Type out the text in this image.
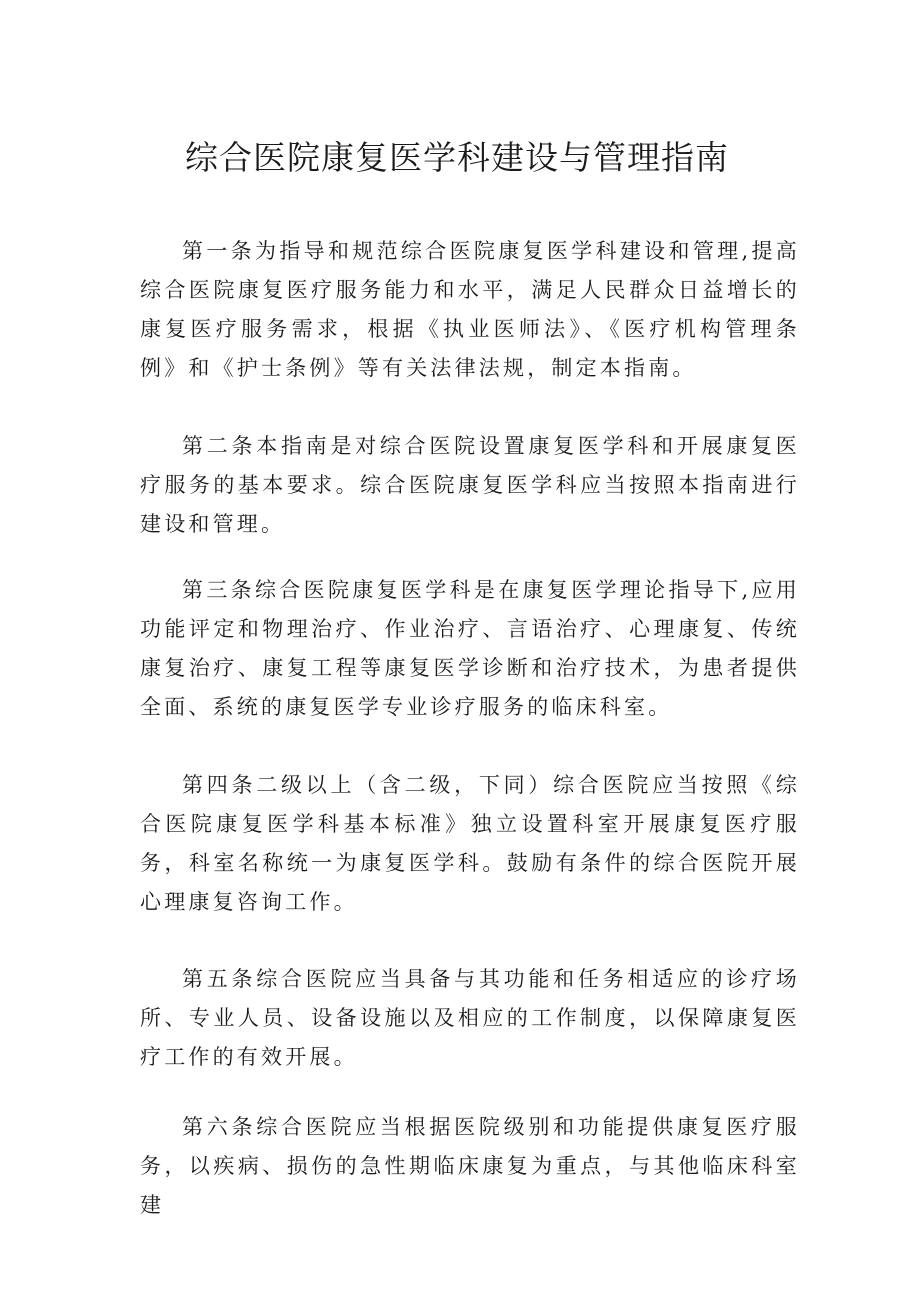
综合医院康复医学科建设与管理指南

第一条为指导和规范综合医院康复医学科建设和管理,提高综合医院康复医疗服务能力和水平，满足人民群众日益增长的康复医疗服务需求，根据《执业医师法》、《医疗机构管理条例》和《护士条例》等有关法律法规，制定本指南。

第二条本指南是对综合医院设置康复医学科和开展康复医疗服务的基本要求。综合医院康复医学科应当按照本指南进行建设和管理。

第三条综合医院康复医学科是在康复医学理论指导下,应用功能评定和物理治疗、作业治疗、言语治疗、心理康复、传统康复治疗、康复工程等康复医学诊断和治疗技术，为患者提供全面、系统的康复医学专业诊疗服务的临床科室。

第四条二级以上（含二级，下同）综合医院应当按照《综合医院康复医学科基本标准》独立设置科室开展康复医疗服务，科室名称统一为康复医学科。鼓励有条件的综合医院开展心理康复咨询工作。

第五条综合医院应当具备与其功能和任务相适应的诊疗场所、专业人员、设备设施以及相应的工作制度，以保障康复医疗工作的有效开展。

第六条综合医院应当根据医院级别和功能提供康复医疗服务，以疾病、损伤的急性期临床康复为重点，与其他临床科室建
